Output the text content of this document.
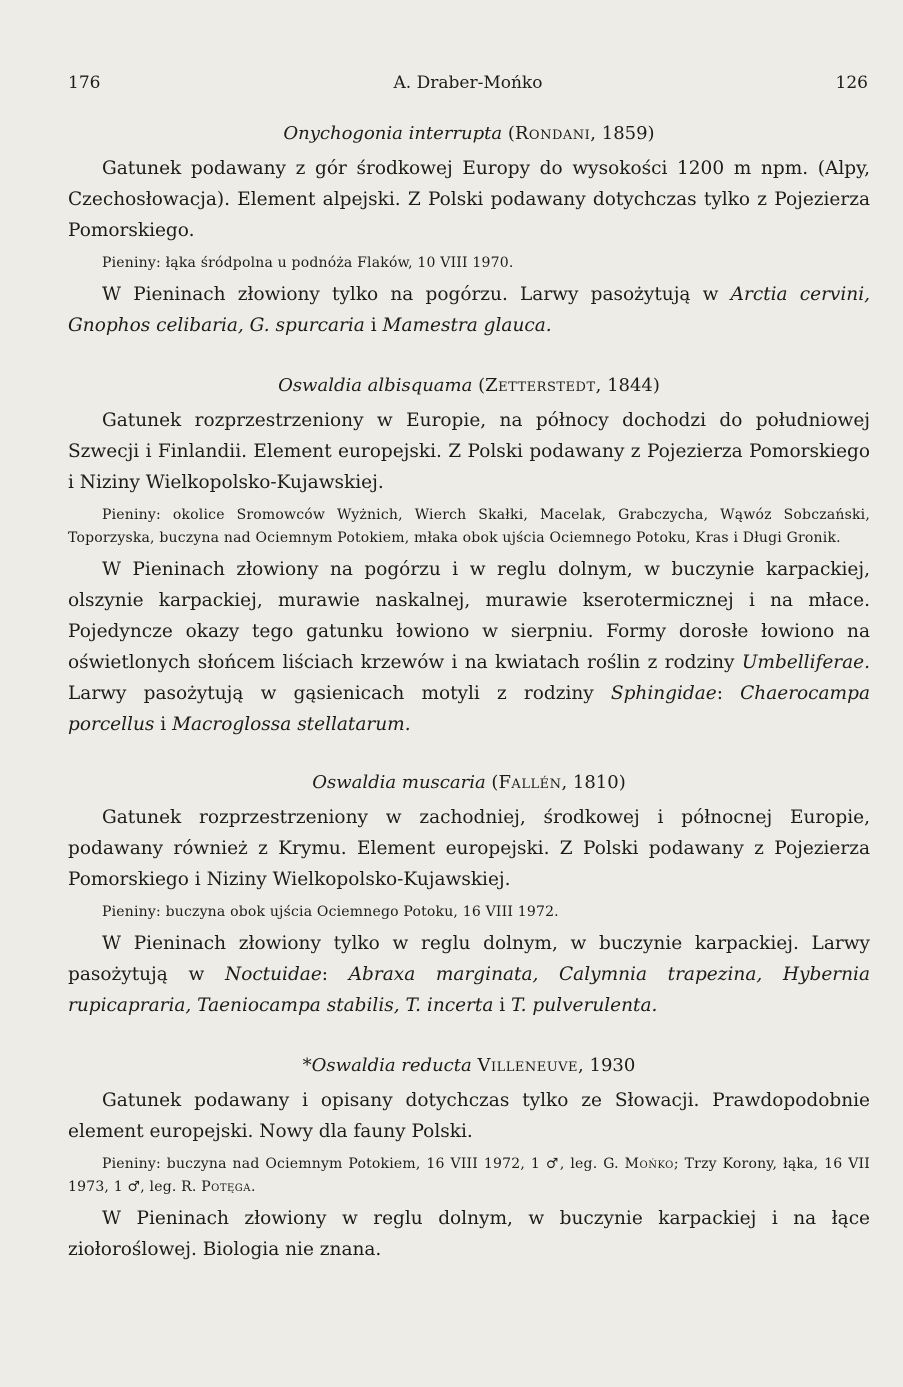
176	A. Draber-Mońko	126
Onychogonia interrupta (Rondani, 1859)

Gatunek podawany z gór środkowej Europy do wysokości 1200 m npm. (Alpy, Czechosłowacja). Element alpejski. Z Polski podawany dotychczas tylko z Pojezierza Pomorskiego.

Pieniny: łąka śródpolna u podnóża Flaków, 10 VIII 1970.

W Pieninach złowiony tylko na pogórzu. Larwy pasożytują w Arctia cervini, Gnophos celibaria, G. spurcaria i Mamestra glauca.

Oswaldia albisquama (Zetterstedt, 1844)

Gatunek rozprzestrzeniony w Europie, na północy dochodzi do południowej Szwecji i Finlandii. Element europejski. Z Polski podawany z Pojezierza Pomorskiego i Niziny Wielkopolsko-Kujawskiej.

Pieniny: okolice Sromowców Wyżnich, Wierch Skałki, Macelak, Grabczycha, Wąwóz Sobczański, Toporzyska, buczyna nad Ociemnym Potokiem, młaka obok ujścia Ociemnego Potoku, Kras i Długi Gronik.

W Pieninach złowiony na pogórzu i w reglu dolnym, w buczynie karpackiej, olszynie karpackiej, murawie naskalnej, murawie kserotermicznej i na młace. Pojedyncze okazy tego gatunku łowiono w sierpniu. Formy dorosłe łowiono na oświetlonych słońcem liściach krzewów i na kwiatach roślin z rodziny Umbelliferae. Larwy pasożytują w gąsienicach motyli z rodziny Sphingidae: Chaerocampa porcellus i Macroglossa stellatarum.

Oswaldia muscaria (Fallén, 1810)

Gatunek rozprzestrzeniony w zachodniej, środkowej i północnej Europie, podawany również z Krymu. Element europejski. Z Polski podawany z Pojezierza Pomorskiego i Niziny Wielkopolsko-Kujawskiej.

Pieniny: buczyna obok ujścia Ociemnego Potoku, 16 VIII 1972.

W Pieninach złowiony tylko w reglu dolnym, w buczynie karpackiej. Larwy pasożytują w Noctuidae: Abraxa marginata, Calymnia trapezina, Hybernia rupicapraria, Taeniocampa stabilis, T. incerta i T. pulverulenta.

*Oswaldia reducta Villeneuve, 1930

Gatunek podawany i opisany dotychczas tylko ze Słowacji. Prawdopodobnie element europejski. Nowy dla fauny Polski.

Pieniny: buczyna nad Ociemnym Potokiem, 16 VIII 1972, 1 ♂, leg. G. Mońko; Trzy Korony, łąka, 16 VII 1973, 1 ♂, leg. R. Potęga.

W Pieninach złowiony w reglu dolnym, w buczynie karpackiej i na łące ziołoroślowej. Biologia nie znana.
